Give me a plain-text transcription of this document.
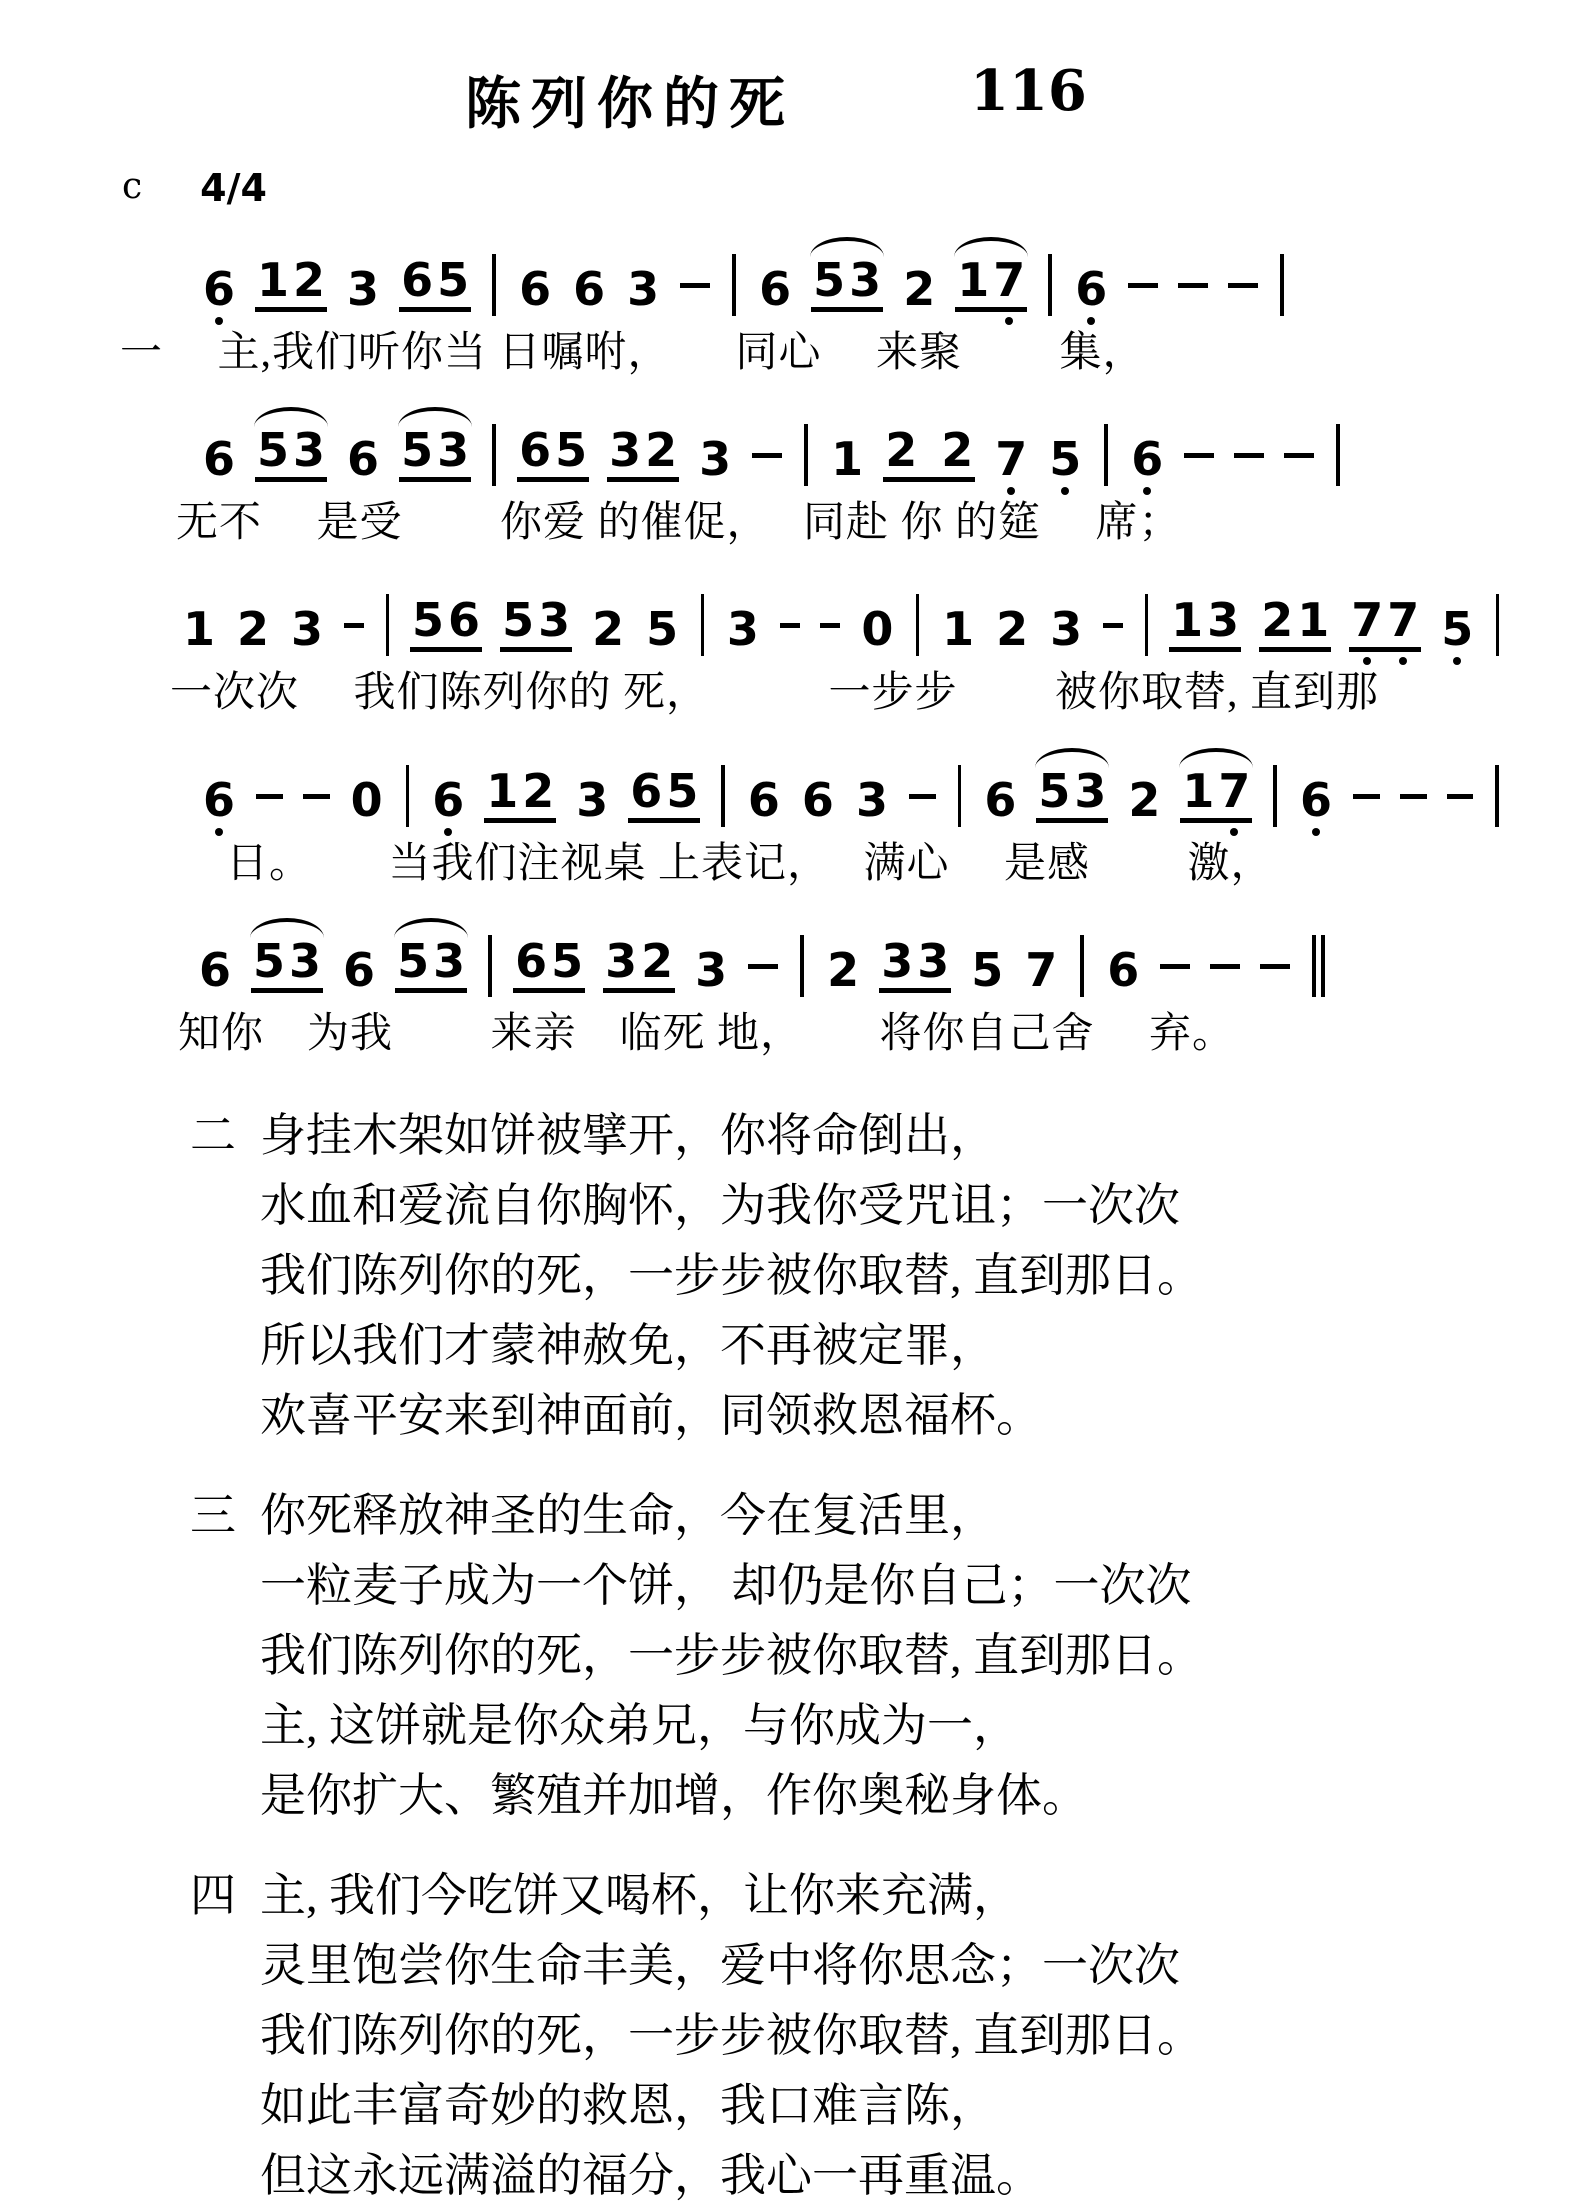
陈列你的死	116
c 4/4
6 1 2 3 6 5 6 6 3 6 5 3 2 1 7 6
一　 主,我们听你当 日嘱咐，　　同心　 来聚　　 集，
6 5 3 6 5 3 6 5 3 2 3 1 2
2 7 5 6
无不　 是受　　 你爱 的催促，　 同赴 你 的筵　 席；
1 2 3 5 6 5 3 2 5 3 0 1 2 3 1 3 2 1 7 7 5
一次次　 我们陈列你的 死，　　　 一步步　　 被你取替, 直到那
6	0 6 1 2 3 6 5 6 6 3 6 5 3 2 1 7 6
日。　　 当我们注视桌 上表记，　 满心　 是感　　 激，
6 5 3 6 5 3 6 5 3 2 3 2 3 3 5 7 6
知你　为我　　 来亲　临死 地，　　 将你自己舍　 弃。
二 身挂木架如饼被擘开，你将命倒出，
水血和爱流自你胸怀，为我你受咒诅；一次次
我们陈列你的死，一步步被你取替, 直到那日。
所以我们才蒙神赦免，不再被定罪，
欢喜平安来到神面前，同领救恩福杯。
三 你死释放神圣的生命，今在复活里，
一粒麦子成为一个饼， 却仍是你自己；一次次
我们陈列你的死，一步步被你取替, 直到那日。
主, 这饼就是你众弟兄，与你成为一，
是你扩大、繁殖并加增，作你奥秘身体。
四 主, 我们今吃饼又喝杯，让你来充满，
灵里饱尝你生命丰美，爱中将你思念；一次次
我们陈列你的死，一步步被你取替, 直到那日。
如此丰富奇妙的救恩，我口难言陈，
但这永远满溢的福分，我心一再重温。
